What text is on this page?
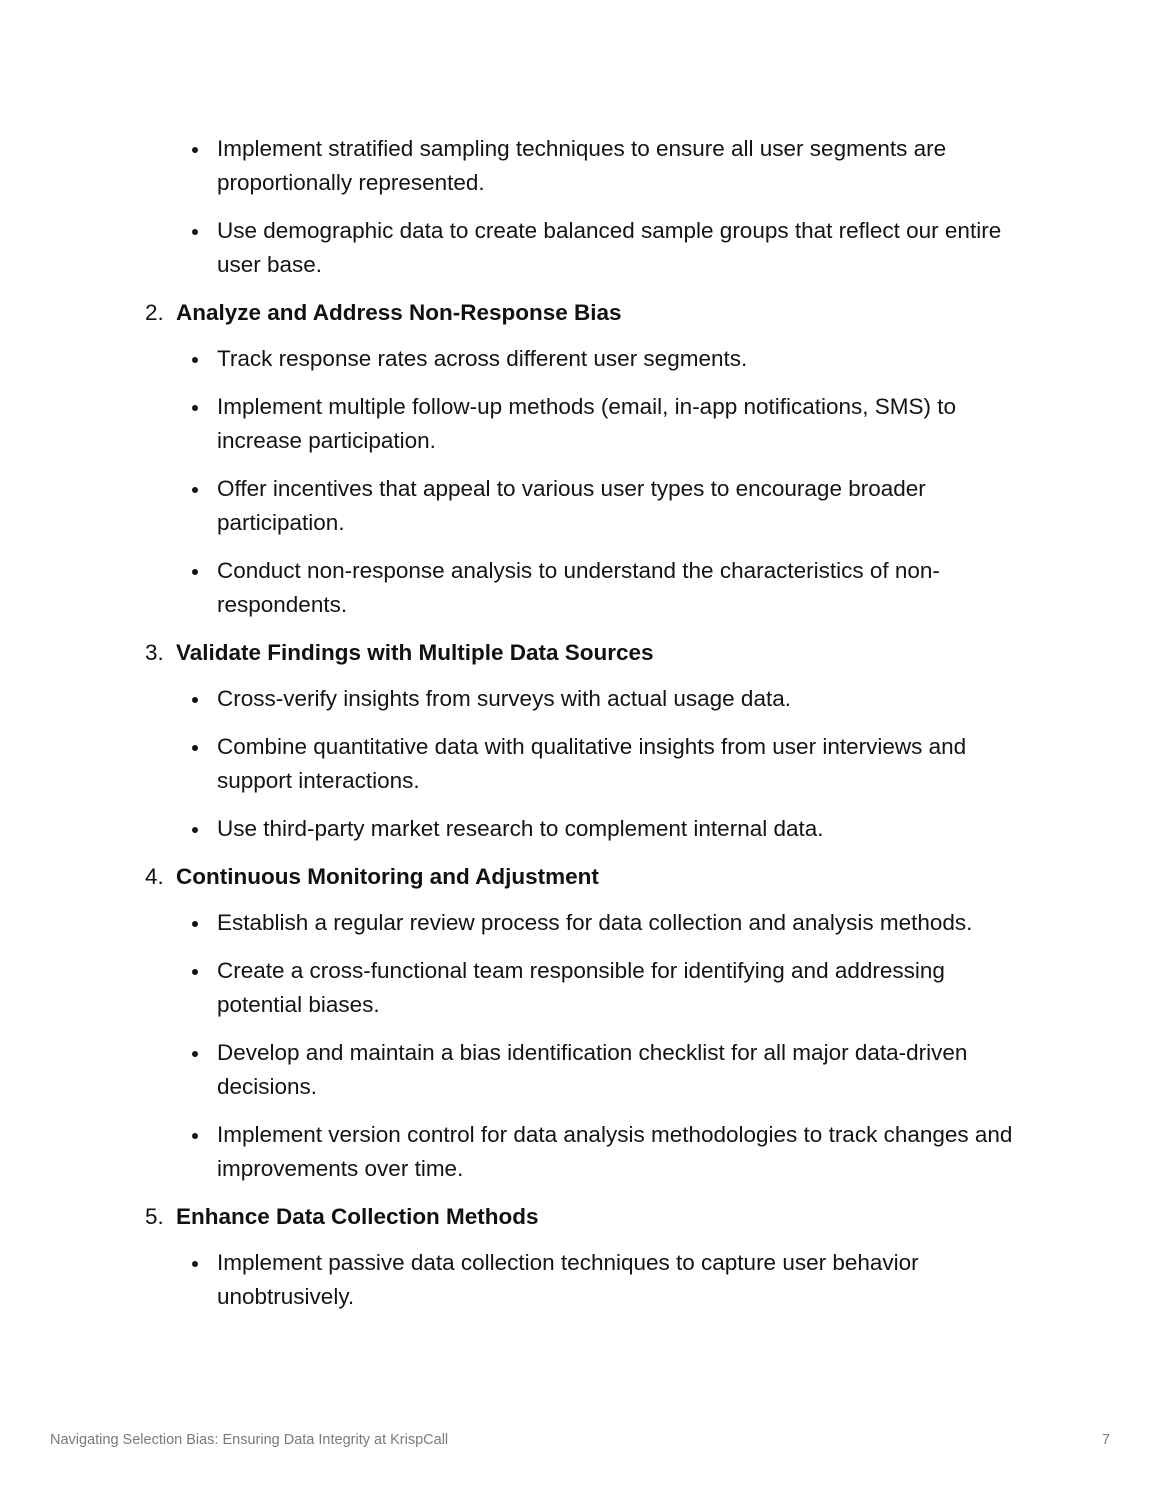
Implement stratified sampling techniques to ensure all user segments are proportionally represented.
Use demographic data to create balanced sample groups that reflect our entire user base.
2. Analyze and Address Non-Response Bias
Track response rates across different user segments.
Implement multiple follow-up methods (email, in-app notifications, SMS) to increase participation.
Offer incentives that appeal to various user types to encourage broader participation.
Conduct non-response analysis to understand the characteristics of non-respondents.
3. Validate Findings with Multiple Data Sources
Cross-verify insights from surveys with actual usage data.
Combine quantitative data with qualitative insights from user interviews and support interactions.
Use third-party market research to complement internal data.
4. Continuous Monitoring and Adjustment
Establish a regular review process for data collection and analysis methods.
Create a cross-functional team responsible for identifying and addressing potential biases.
Develop and maintain a bias identification checklist for all major data-driven decisions.
Implement version control for data analysis methodologies to track changes and improvements over time.
5. Enhance Data Collection Methods
Implement passive data collection techniques to capture user behavior unobtrusively.
Navigating Selection Bias: Ensuring Data Integrity at KrispCall	7
